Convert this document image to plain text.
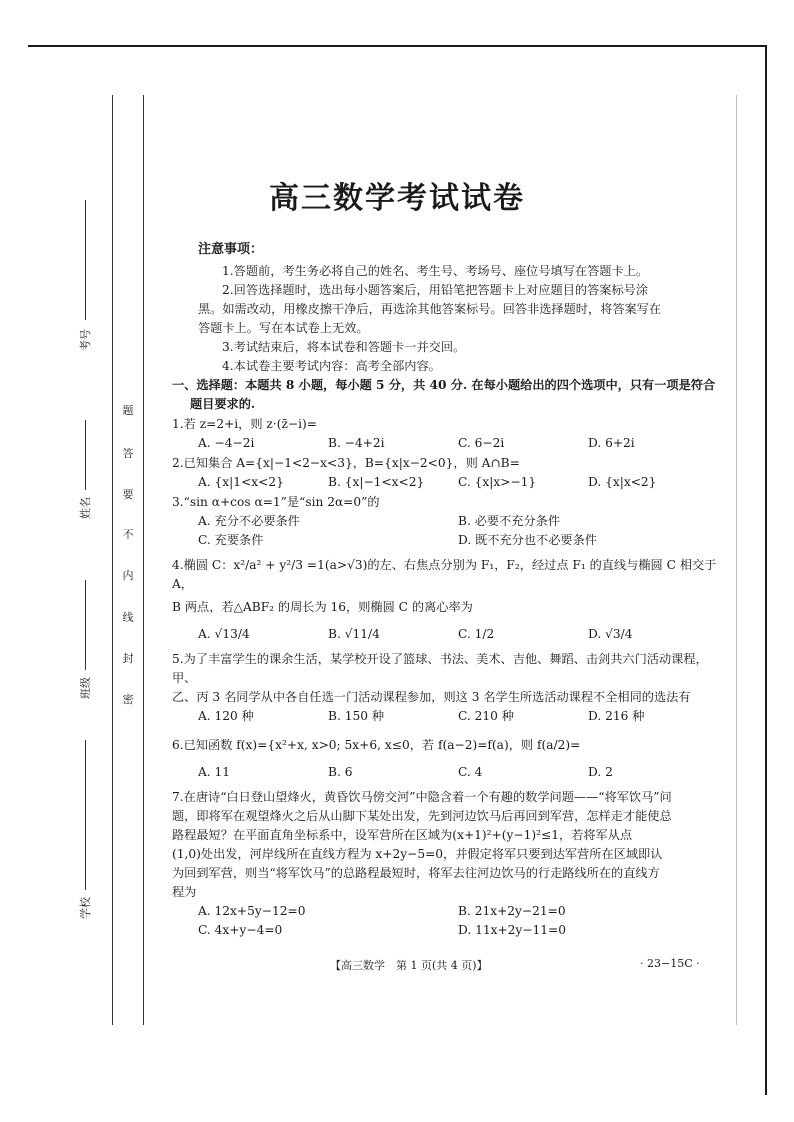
考号
姓名
班级
学校
题
答
要
不
内
线
封
密
高三数学考试试卷

注意事项：

1.答题前，考生务必将自己的姓名、考生号、考场号、座位号填写在答题卡上。

2.回答选择题时，选出每小题答案后，用铅笔把答题卡上对应题目的答案标号涂

黑。如需改动，用橡皮擦干净后，再选涂其他答案标号。回答非选择题时，将答案写在

答题卡上。写在本试卷上无效。

3.考试结束后，将本试卷和答题卡一并交回。

4.本试卷主要考试内容：高考全部内容。

一、选择题：本题共 8 小题，每小题 5 分，共 40 分. 在每小题给出的四个选项中，只有一项是符合

题目要求的.

1.若 z=2+i，则 z·(z̄−i)=

A. −4−2i	B. −4+2i	C. 6−2i	D. 6+2i

2.已知集合 A={x|−1<2−x<3}，B={x|x−2<0}，则 A∩B=

A. {x|1<x<2}	B. {x|−1<x<2}	C. {x|x>−1}	D. {x|x<2}

3.“sin α+cos α=1”是“sin 2α=0”的

A. 充分不必要条件	B. 必要不充分条件
C. 充要条件	D. 既不充分也不必要条件

4.椭圆 C：x²/a² + y²/3 =1(a>√3)的左、右焦点分别为 F₁，F₂，经过点 F₁ 的直线与椭圆 C 相交于 A，

B 两点，若△ABF₂ 的周长为 16，则椭圆 C 的离心率为

A. √13/4	B. √11/4	C. 1/2	D. √3/4

5.为了丰富学生的课余生活，某学校开设了篮球、书法、美术、吉他、舞蹈、击剑共六门活动课程，甲、

乙、丙 3 名同学从中各自任选一门活动课程参加，则这 3 名学生所选活动课程不全相同的选法有

A. 120 种	B. 150 种	C. 210 种	D. 216 种

6.已知函数 f(x)={x²+x, x>0; 5x+6, x≤0，若 f(a−2)=f(a)，则 f(a/2)=

A. 11	B. 6	C. 4	D. 2

7.在唐诗“白日登山望烽火，黄昏饮马傍交河”中隐含着一个有趣的数学问题——“将军饮马”问

题，即将军在观望烽火之后从山脚下某处出发，先到河边饮马后再回到军营，怎样走才能使总

路程最短？在平面直角坐标系中，设军营所在区域为(x+1)²+(y−1)²≤1，若将军从点

(1,0)处出发，河岸线所在直线方程为 x+2y−5=0，并假定将军只要到达军营所在区域即认

为回到军营，则当“将军饮马”的总路程最短时，将军去往河边饮马的行走路线所在的直线方

程为

A. 12x+5y−12=0	B. 21x+2y−21=0
C. 4x+y−4=0	D. 11x+2y−11=0
【高三数学　第 1 页(共 4 页)】	· 23−15C ·
